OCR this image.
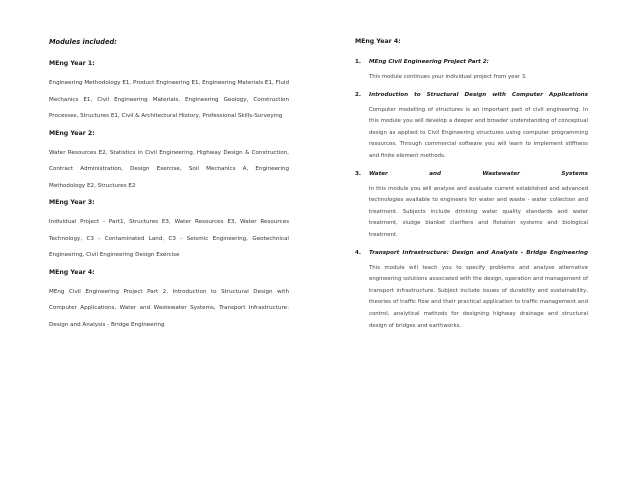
Modules included:
MEng Year 1:
Engineering Methodology E1, Product Engineering E1, Engineering Materials E1, Fluid Mechanics E1, Civil Engineering Materials, Engineering Geology, Construction Processes, Structures E1, Civil & Architectural History, Professional Skills-Surveying
MEng Year 2:
Water Resources E2, Statistics in Civil Engineering, Highway Design & Construction, Contract Administration, Design Exercise, Soil Mechanics A, Engineering Methodology E2, Structures E2
MEng Year 3:
Individual Project - Part1, Structures E3, Water Resources E3, Water Resources Technology, C3 - Contaminated Land, C3 - Seismic Engineering, Geotechnical Engineering, Civil Engineering Design Exercise
MEng Year 4:
MEng Civil Engineering Project Part 2, Introduction to Structural Design with Computer Applications, Water and Wastewater Systems, Transport Infrastructure: Design and Analysis - Bridge Engineering
MEng Year 4:
1.	MEng Civil Engineering Project Part 2:
This module continues your individual project from year 3.
2.	Introduction to Structural Design with Computer Applications
Computer modelling of structures is an important part of civil engineering. In this module you will develop a deeper and broader understanding of conceptual design as applied to Civil Engineering structures using computer programming resources. Through commercial software you will learn to implement stiffness and finite element methods.
3.	Water and Wastewater Systems
In this module you will analyse and evaluate current established and advanced technologies available to engineers for water and waste - water collection and treatment. Subjects include drinking water quality standards and water treatment, sludge blanket clarifiers and flotation systems and biological treatment.
4.	Transport Infrastructure: Design and Analysis - Bridge Engineering
This module will teach you to specify problems and analyse alternative engineering solutions associated with the design, operation and management of transport infrastructure. Subject include issues of durability and sustainability, theories of traffic flow and their practical application to traffic management and control, analytical methods for designing highway drainage and structural design of bridges and earthworks.
